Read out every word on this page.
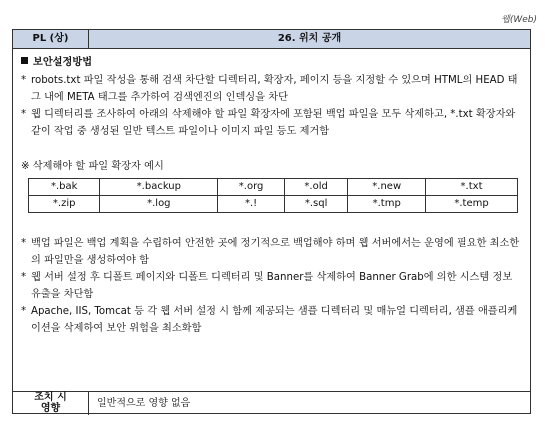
웹(Web)
PL (상)	26. 위치 공개
보안설정방법
* robots.txt 파일 작성을 통해 검색 차단할 디렉터리, 확장자, 페이지 등을 지정할 수 있으며 HTML의 HEAD 태그 내에 META 태그를 추가하여 검색엔진의 인덱싱을 차단
* 웹 디렉터리를 조사하여 아래의 삭제해야 할 파일 확장자에 포함된 백업 파일을 모두 삭제하고, *.txt 확장자와 같이 작업 중 생성된 일반 텍스트 파일이나 이미지 파일 등도 제거함
※ 삭제해야 할 파일 확장자 예시
*.bak	*.backup	*.org	*.old	*.new	*.txt
*.zip	*.log	*.!	*.sql	*.tmp	*.temp
* 백업 파일은 백업 계획을 수립하여 안전한 곳에 정기적으로 백업해야 하며 웹 서버에서는 운영에 필요한 최소한의 파일만을 생성하여야 함
* 웹 서버 설정 후 디폴트 페이지와 디폴트 디렉터리 및 Banner를 삭제하여 Banner Grab에 의한 시스템 정보 유출을 차단함
* Apache, IIS, Tomcat 등 각 웹 서버 설정 시 함께 제공되는 샘플 디렉터리 및 매뉴얼 디렉터리, 샘플 애플리케이션을 삭제하여 보안 위험을 최소화함
조치 시
영향	일반적으로 영향 없음
